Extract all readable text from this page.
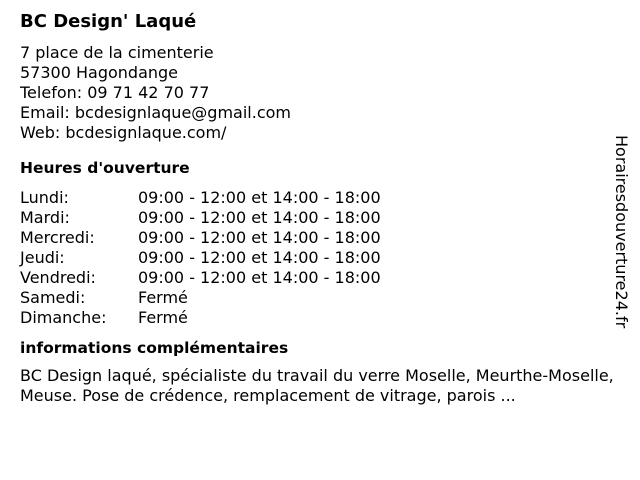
BC Design' Laqué
7 place de la cimenterie
57300 Hagondange
Telefon: 09 71 42 70 77
Email: bcdesignlaque@gmail.com
Web: bcdesignlaque.com/
Heures d'ouverture
Lundi:	09:00 - 12:00 et 14:00 - 18:00
Mardi:	09:00 - 12:00 et 14:00 - 18:00
Mercredi:	09:00 - 12:00 et 14:00 - 18:00
Jeudi:	09:00 - 12:00 et 14:00 - 18:00
Vendredi:	09:00 - 12:00 et 14:00 - 18:00
Samedi:	Fermé
Dimanche:	Fermé
informations complémentaires
BC Design laqué, spécialiste du travail du verre Moselle, Meurthe-Moselle, Meuse. Pose de crédence, remplacement de vitrage, parois ...
Horairesdouverture24.fr
